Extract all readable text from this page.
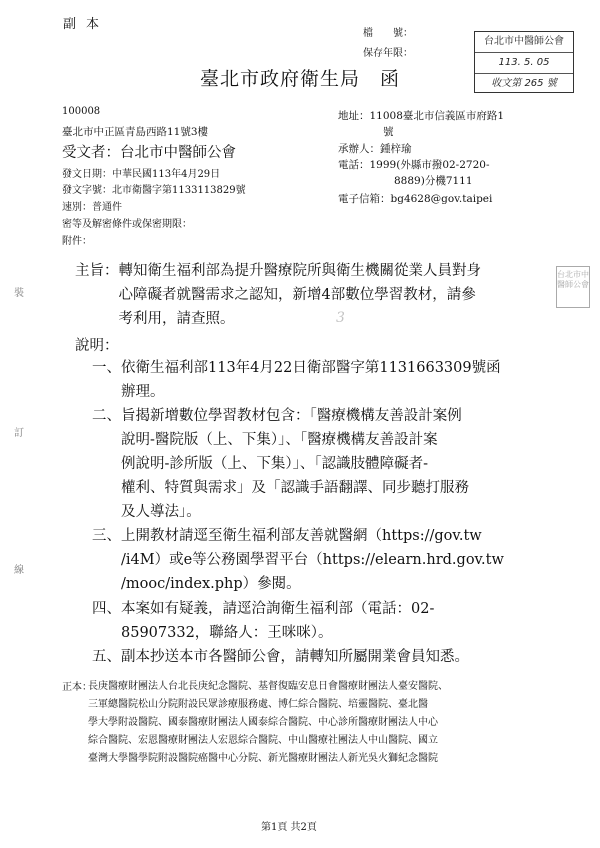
副本
檔　　號：
保存年限：
台北市中醫師公會
113. 5. 05
收文第 265 號
臺北市政府衛生局　函
100008
臺北市中正區青島西路11號3樓
受文者：台北市中醫師公會
地址：11008臺北市信義區市府路1
號
承辦人：鍾梓瑜
電話：1999(外縣市撥02-2720-
8889)分機7111
電子信箱：bg4628@gov.taipei
發文日期：中華民國113年4月29日
發文字號：北市衛醫字第1133113829號
速別：普通件
密等及解密條件或保密期限：
附件：
裝
訂
線
台北市中醫師公會
主旨：轉知衛生福利部為提升醫療院所與衛生機關從業人員對身
　　　心障礙者就醫需求之認知，新增4部數位學習教材，請參
　　　考利用，請查照。	3
說明：
一、依衛生福利部113年4月22日衛部醫字第1131663309號函
　　辦理。
二、旨揭新增數位學習教材包含：「醫療機構友善設計案例
　　說明-醫院版（上、下集）」、「醫療機構友善設計案
　　例說明-診所版（上、下集）」、「認識肢體障礙者-
　　權利、特質與需求」及「認識手語翻譯、同步聽打服務
　　及人導法」。
三、上開教材請逕至衛生福利部友善就醫網（https://gov.tw
　　/i4M）或e等公務園學習平台（https://elearn.hrd.gov.tw
　　/mooc/index.php）參閱。
四、本案如有疑義，請逕洽詢衛生福利部（電話：02-
　　85907332，聯絡人：王咪咪）。
五、副本抄送本市各醫師公會，請轉知所屬開業會員知悉。
正本：
長庚醫療財團法人台北長庚紀念醫院、基督復臨安息日會醫療財團法人臺安醫院、
三軍總醫院松山分院附設民眾診療服務處、博仁綜合醫院、培靈醫院、臺北醫
學大學附設醫院、國泰醫療財團法人國泰綜合醫院、中心診所醫療財團法人中心
綜合醫院、宏恩醫療財團法人宏恩綜合醫院、中山醫療社團法人中山醫院、國立
臺灣大學醫學院附設醫院癌醫中心分院、新光醫療財團法人新光吳火獅紀念醫院
第1頁 共2頁
